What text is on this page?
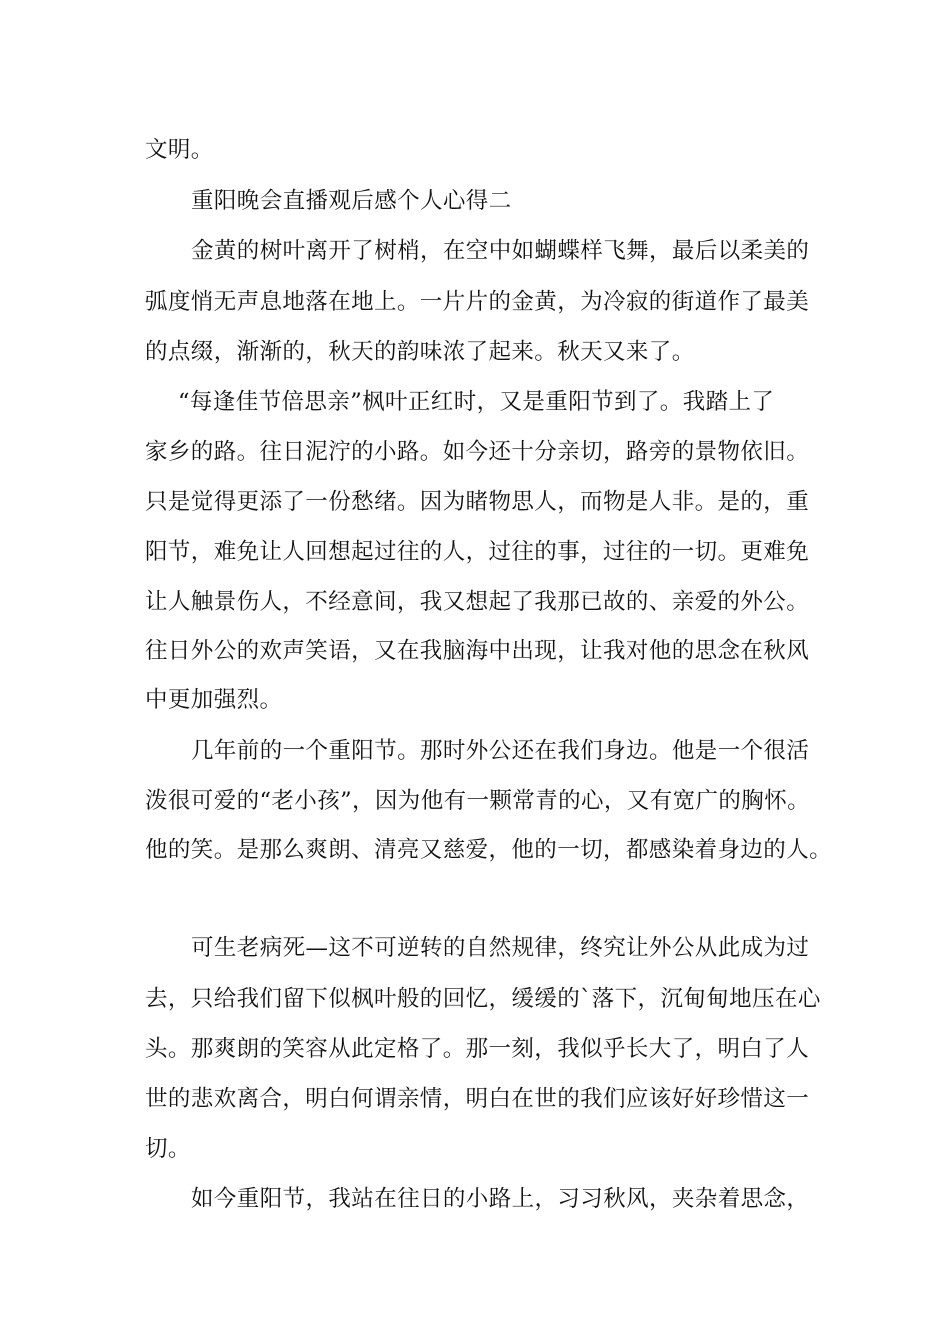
文明。
重阳晚会直播观后感个人心得二
金黄的树叶离开了树梢，在空中如蝴蝶样飞舞，最后以柔美的
弧度悄无声息地落在地上。一片片的金黄，为冷寂的街道作了最美
的点缀，渐渐的，秋天的韵味浓了起来。秋天又来了。
“每逢佳节倍思亲”枫叶正红时，又是重阳节到了。我踏上了
家乡的路。往日泥泞的小路。如今还十分亲切，路旁的景物依旧。
只是觉得更添了一份愁绪。因为睹物思人，而物是人非。是的，重
阳节，难免让人回想起过往的人，过往的事，过往的一切。更难免
让人触景伤人，不经意间，我又想起了我那已故的、亲爱的外公。
往日外公的欢声笑语，又在我脑海中出现，让我对他的思念在秋风
中更加强烈。
几年前的一个重阳节。那时外公还在我们身边。他是一个很活
泼很可爱的“老小孩”，因为他有一颗常青的心，又有宽广的胸怀。
他的笑。是那么爽朗、清亮又慈爱，他的一切，都感染着身边的人。
可生老病死—这不可逆转的自然规律，终究让外公从此成为过
去，只给我们留下似枫叶般的回忆，缓缓的`落下，沉甸甸地压在心
头。那爽朗的笑容从此定格了。那一刻，我似乎长大了，明白了人
世的悲欢离合，明白何谓亲情，明白在世的我们应该好好珍惜这一
切。
如今重阳节，我站在往日的小路上，习习秋风，夹杂着思念，
